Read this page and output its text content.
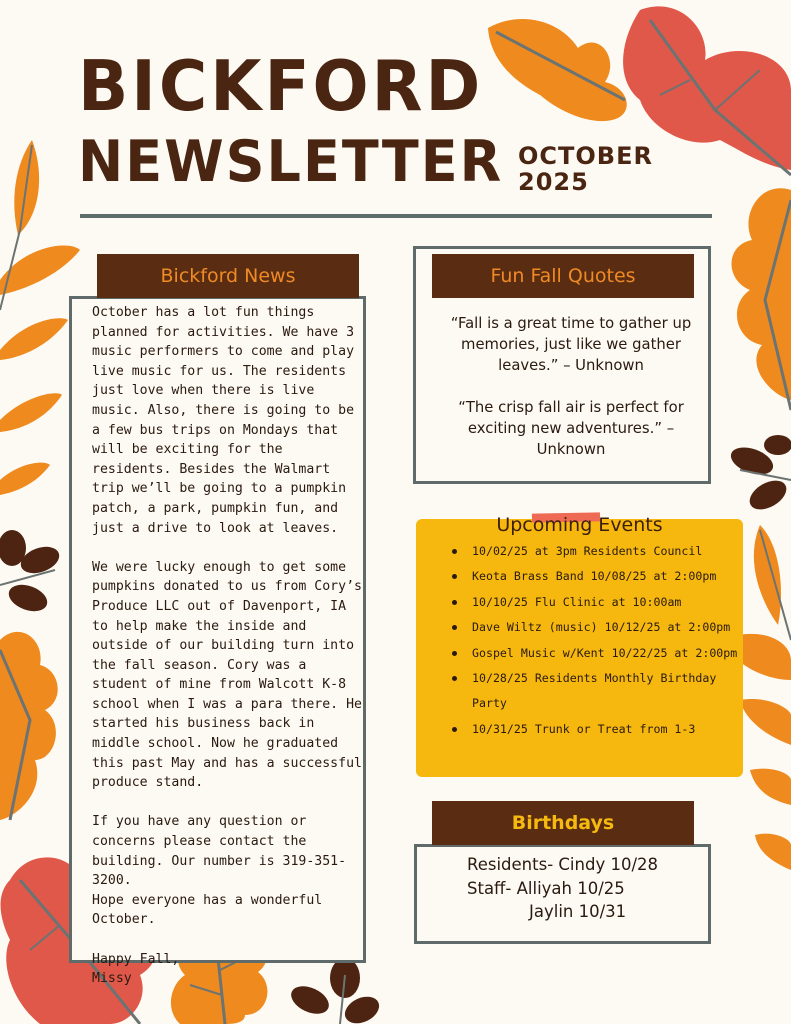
BICKFORD
NEWSLETTER OCTOBER
2025
Bickford News
October has a lot fun things planned for activities. We have 3 music performers to come and play live music for us. The residents just love when there is live music. Also, there is going to be a few bus trips on Mondays that will be exciting for the residents. Besides the Walmart trip we’ll be going to a pumpkin patch, a park, pumpkin fun, and just a drive to look at leaves.

We were lucky enough to get some pumpkins donated to us from Cory’s Produce LLC out of Davenport, IA to help make the inside and outside of our building turn into the fall season. Cory was a student of mine from Walcott K-8 school when I was a para there. He started his business back in middle school. Now he graduated this past May and has a successful produce stand.

If you have any question or concerns please contact the building. Our number is 319-351-3200.
Hope everyone has a wonderful October.

Happy Fall,
Missy
Fun Fall Quotes
“Fall is a great time to gather up memories, just like we gather leaves.” – Unknown

“The crisp fall air is perfect for exciting new adventures.” – Unknown
10/02/25 at 3pm Residents Council
Keota Brass Band 10/08/25 at 2:00pm
10/10/25 Flu Clinic at 10:00am
Dave Wiltz (music) 10/12/25 at 2:00pm
Gospel Music w/Kent 10/22/25 at 2:00pm
10/28/25 Residents Monthly Birthday Party
10/31/25 Trunk or Treat from 1-3
Upcoming Events
Birthdays
Residents- Cindy 10/28
Staff- Alliyah 10/25
Jaylin 10/31
